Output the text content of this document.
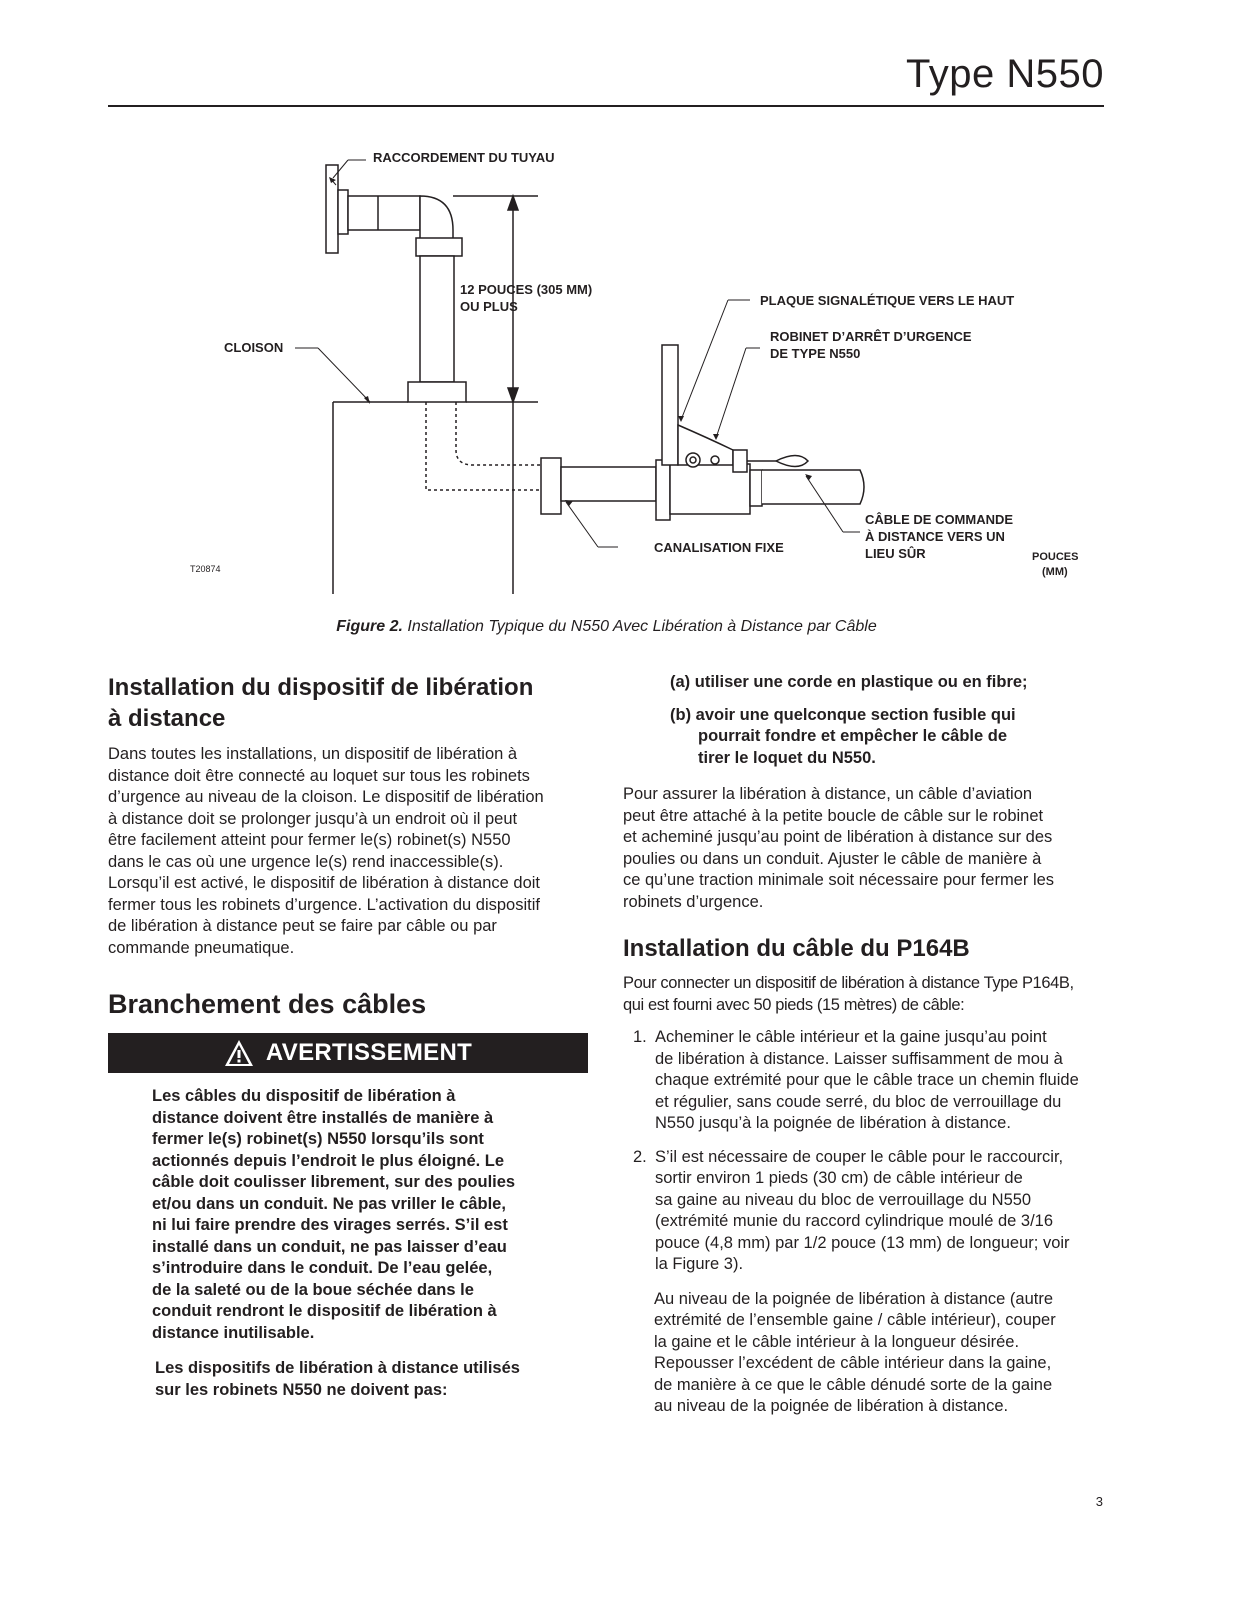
Type N550
RACCORDEMENT DU TUYAU
12 POUCES (305 MM)
OU PLUS
CLOISON
PLAQUE SIGNALÉTIQUE VERS LE HAUT
ROBINET D’ARRÊT D’URGENCE
DE TYPE N550
CANALISATION FIXE
CÂBLE DE COMMANDE
À DISTANCE VERS UN
LIEU SÛR	POUCES
(MM)
T20874
Figure 2. Installation Typique du N550 Avec Libération à Distance par Câble
Installation du dispositif de libération
à distance
Dans toutes les installations, un dispositif de libération à
distance doit être connecté au loquet sur tous les robinets
d’urgence au niveau de la cloison. Le dispositif de libération
à distance doit se prolonger jusqu’à un endroit où il peut
être facilement atteint pour fermer le(s) robinet(s) N550
dans le cas où une urgence le(s) rend inaccessible(s).
Lorsqu’il est activé, le dispositif de libération à distance doit
fermer tous les robinets d’urgence. L’activation du dispositif
de libération à distance peut se faire par câble ou par
commande pneumatique.
Branchement des câbles
AVERTISSEMENT
Les câbles du dispositif de libération à
distance doivent être installés de manière à
fermer le(s) robinet(s) N550 lorsqu’ils sont
actionnés depuis l’endroit le plus éloigné. Le
câble doit coulisser librement, sur des poulies
et/ou dans un conduit. Ne pas vriller le câble,
ni lui faire prendre des virages serrés. S’il est
installé dans un conduit, ne pas laisser d’eau
s’introduire dans le conduit. De l’eau gelée,
de la saleté ou de la boue séchée dans le
conduit rendront le dispositif de libération à
distance inutilisable.
Les dispositifs de libération à distance utilisés
sur les robinets N550 ne doivent pas:

(a) utiliser une corde en plastique ou en fibre;

(b) avoir une quelconque section fusible qui
pourrait fondre et empêcher le câble de
tirer le loquet du N550.
Pour assurer la libération à distance, un câble d’aviation
peut être attaché à la petite boucle de câble sur le robinet
et acheminé jusqu’au point de libération à distance sur des
poulies ou dans un conduit. Ajuster le câble de manière à
ce qu’une traction minimale soit nécessaire pour fermer les
robinets d’urgence.
Installation du câble du P164B
Pour connecter un dispositif de libération à distance Type P164B,
qui est fourni avec 50 pieds (15 mètres) de câble:
1. Acheminer le câble intérieur et la gaine jusqu’au point
de libération à distance. Laisser suffisamment de mou à
chaque extrémité pour que le câble trace un chemin fluide
et régulier, sans coude serré, du bloc de verrouillage du
N550 jusqu’à la poignée de libération à distance.
2. S’il est nécessaire de couper le câble pour le raccourcir,
sortir environ 1 pieds (30 cm) de câble intérieur de
sa gaine au niveau du bloc de verrouillage du N550
(extrémité munie du raccord cylindrique moulé de 3/16
pouce (4,8 mm) par 1/2 pouce (13 mm) de longueur; voir
la Figure 3).
Au niveau de la poignée de libération à distance (autre
extrémité de l’ensemble gaine / câble intérieur), couper
la gaine et le câble intérieur à la longueur désirée.
Repousser l’excédent de câble intérieur dans la gaine,
de manière à ce que le câble dénudé sorte de la gaine
au niveau de la poignée de libération à distance.
3
